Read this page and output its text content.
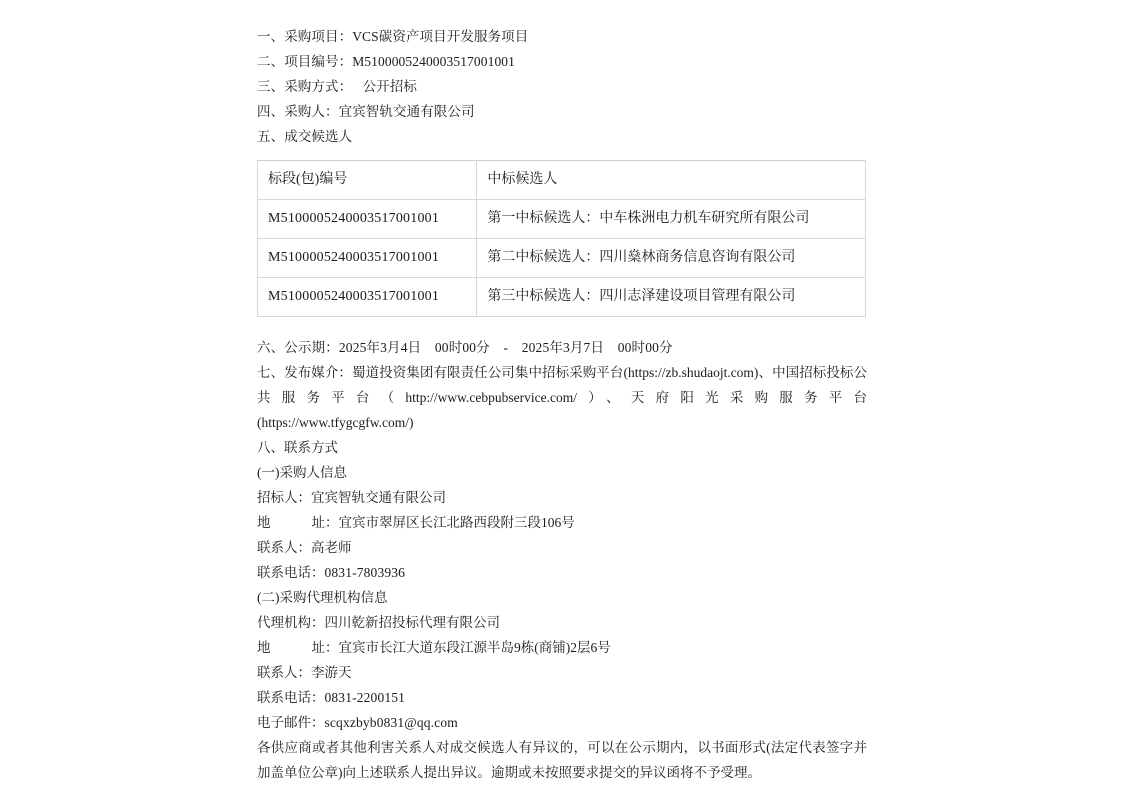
一、采购项目：VCS碳资产项目开发服务项目
二、项目编号：M5100005240003517001001
三、采购方式：   公开招标
四、采购人：宜宾智轨交通有限公司
五、成交候选人
标段(包)编号	中标候选人
M5100005240003517001001	第一中标候选人：中车株洲电力机车研究所有限公司
M5100005240003517001001	第二中标候选人：四川燊林商务信息咨询有限公司
M5100005240003517001001	第三中标候选人：四川志泽建设项目管理有限公司
六、公示期：2025年3月4日　00时00分　-　2025年3月7日　00时00分
七、发布媒介：蜀道投资集团有限责任公司集中招标采购平台(https://zb.shudaojt.com)、中国招标投标公共服务平台（http://www.cebpubservice.com/）、天府阳光采购服务平台
(https://www.tfygcgfw.com/)
八、联系方式
(一)采购人信息
招标人：宜宾智轨交通有限公司
地址：宜宾市翠屏区长江北路西段附三段106号
联系人：高老师
联系电话：0831-7803936
(二)采购代理机构信息
代理机构：四川乾新招投标代理有限公司
地址：宜宾市长江大道东段江源半岛9栋(商铺)2层6号
联系人：李游天
联系电话：0831-2200151
电子邮件：scqxzbyb0831@qq.com
各供应商或者其他利害关系人对成交候选人有异议的，可以在公示期内，以书面形式(法定代表签字并加盖单位公章)向上述联系人提出异议。逾期或未按照要求提交的异议函将不予受理。
